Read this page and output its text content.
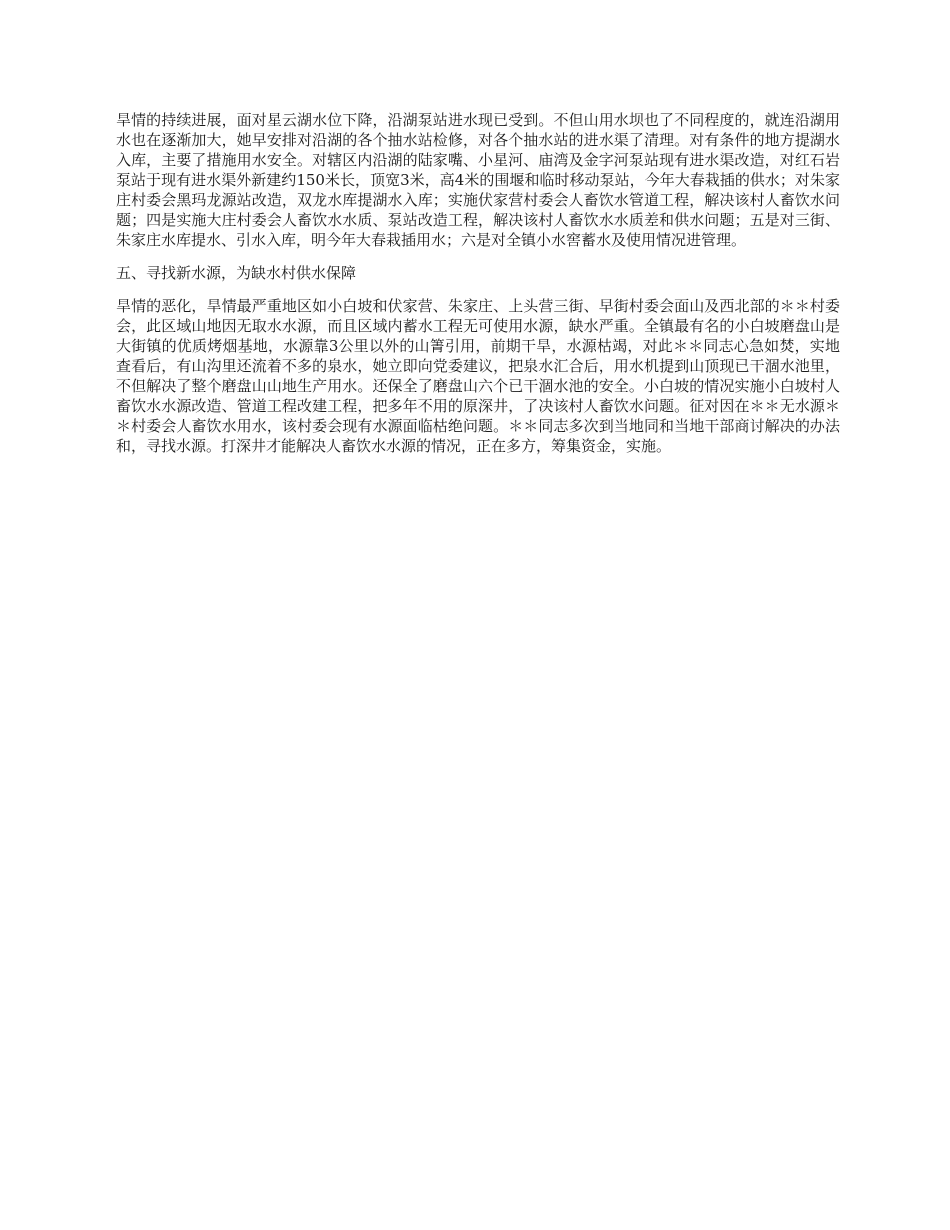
旱情的持续进展，面对星云湖水位下降，沿湖泵站进水现已受到。不但山用水坝也了不同程度的，就连沿湖用水也在逐渐加大，她早安排对沿湖的各个抽水站检修，对各个抽水站的进水渠了清理。对有条件的地方提湖水入库，主要了措施用水安全。对辖区内沿湖的陆家嘴、小星河、庙湾及金字河泵站现有进水渠改造，对红石岩泵站于现有进水渠外新建约150米长，顶宽3米，高4米的围堰和临时移动泵站，今年大春栽插的供水；对朱家庄村委会黑玛龙源站改造，双龙水库提湖水入库；实施伏家营村委会人畜饮水管道工程，解决该村人畜饮水问题；四是实施大庄村委会人畜饮水水质、泵站改造工程，解决该村人畜饮水水质差和供水问题；五是对三街、朱家庄水库提水、引水入库，明今年大春栽插用水；六是对全镇小水窖蓄水及使用情况进管理。

五、寻找新水源，为缺水村供水保障

旱情的恶化，旱情最严重地区如小白坡和伏家营、朱家庄、上头营三街、早街村委会面山及西北部的＊＊村委会，此区域山地因无取水水源，而且区域内蓄水工程无可使用水源，缺水严重。全镇最有名的小白坡磨盘山是大街镇的优质烤烟基地，水源靠3公里以外的山箐引用，前期干旱，水源枯竭，对此＊＊同志心急如焚，实地查看后，有山沟里还流着不多的泉水，她立即向党委建议，把泉水汇合后，用水机提到山顶现已干涸水池里，不但解决了整个磨盘山山地生产用水。还保全了磨盘山六个已干涸水池的安全。小白坡的情况实施小白坡村人畜饮水水源改造、管道工程改建工程，把多年不用的原深井，了决该村人畜饮水问题。征对因在＊＊无水源＊＊村委会人畜饮水用水，该村委会现有水源面临枯绝问题。＊＊同志多次到当地同和当地干部商讨解决的办法和，寻找水源。打深井才能解决人畜饮水水源的情况，正在多方，筹集资金，实施。
